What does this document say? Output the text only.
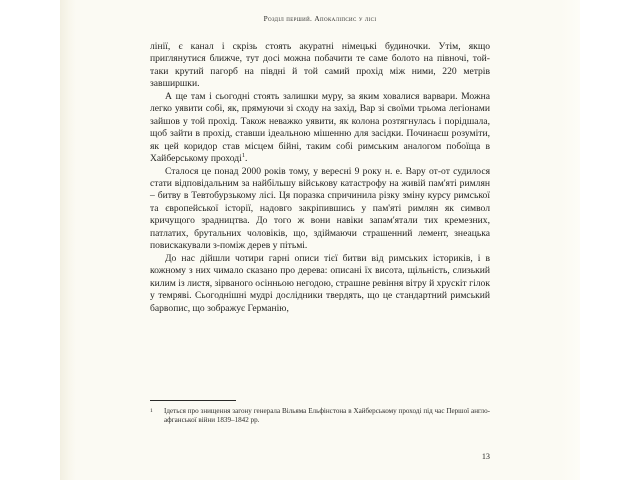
Розділ перший. Апокаліпсис у лісі

лінії, є канал і скрізь стоять акуратні німецькі будиночки. Утім, якщо приглянутися ближче, тут досі можна побачити те саме болото на півночі, той-таки крутий пагорб на півдні й той самий прохід між ними, 220 метрів завширшки.

А ще там і сьогодні стоять залишки муру, за яким ховалися варвари. Можна легко уявити собі, як, прямуючи зі сходу на захід, Вар зі своїми трьома легіонами зайшов у той прохід. Також неважко уявити, як колона розтягнулась і порідшала, щоб зайти в прохід, ставши ідеальною мішенню для засідки. Починаєш розуміти, як цей коридор став місцем бійні, таким собі римським аналогом побоїща в Хайберському проході$^1$.

Сталося це понад 2000 років тому, у вересні 9 року н. е. Вару от-от судилося стати відповідальним за найбільшу військову катастрофу на живій пам'яті римлян – битву в Тевтобурзькому лісі. Ця поразка спричинила різку зміну курсу римської та європейської історії, надовго закріпившись у пам'яті римлян як символ кричущого зрадництва. До того ж вони навіки запам'ятали тих кремезних, патлатих, брутальних чоловіків, що, здіймаючи страшенний лемент, знеацька повискакували з-поміж дерев у пітьмі.

До нас дійшли чотири гарні описи тієї битви від римських істориків, і в кожному з них чимало сказано про дерева: описані їх висота, щільність, слизький килим із листя, зірваного осінньою негодою, страшне ревіння вітру й хрускіт гілок у темряві. Сьогоднішні мудрі дослідники твердять, що це стандартний римський барвопис, що зображує Германію,

1	Ідеться про знищення загону генерала Вільяма Ельфінстона в Хайберському проході під час Першої англо-афганської війни 1839–1842 рр.
13
